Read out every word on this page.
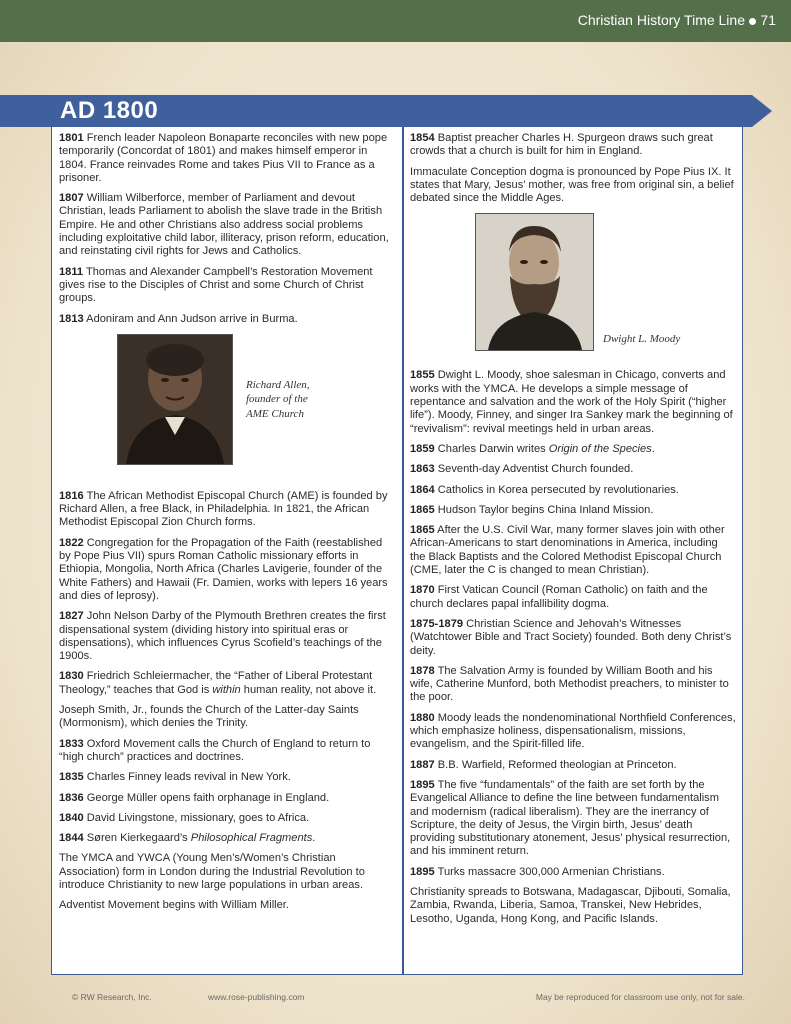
Christian History Time Line 71
AD 1800

1801 French leader Napoleon Bonaparte reconciles with new pope temporarily (Concordat of 1801) and makes himself emperor in 1804. France reinvades Rome and takes Pius VII to France as a prisoner.

1807 William Wilberforce, member of Parliament and devout Christian, leads Parliament to abolish the slave trade in the British Empire. He and other Christians also address social problems including exploitative child labor, illiteracy, prison reform, education, and reinstating civil rights for Jews and Catholics.

1811 Thomas and Alexander Campbell’s Restoration Movement gives rise to the Disciples of Christ and some Church of Christ groups.

1813 Adoniram and Ann Judson arrive in Burma.

Richard Allen,
founder of the
AME Church

1816 The African Methodist Episcopal Church (AME) is founded by Richard Allen, a free Black, in Philadelphia. In 1821, the African Methodist Episcopal Zion Church forms.

1822 Congregation for the Propagation of the Faith (reestablished by Pope Pius VII) spurs Roman Catholic missionary efforts in Ethiopia, Mongolia, North Africa (Charles Lavigerie, founder of the White Fathers) and Hawaii (Fr. Damien, works with lepers 16 years and dies of leprosy).

1827 John Nelson Darby of the Plymouth Brethren creates the first dispensational system (dividing history into spiritual eras or dispensations), which influences Cyrus Scofield’s teachings of the 1900s.

1830 Friedrich Schleiermacher, the “Father of Liberal Protestant Theology,” teaches that God is within human reality, not above it.

Joseph Smith, Jr., founds the Church of the Latter-day Saints (Mormonism), which denies the Trinity.

1833 Oxford Movement calls the Church of England to return to “high church” practices and doctrines.

1835 Charles Finney leads revival in New York.

1836 George Müller opens faith orphanage in England.

1840 David Livingstone, missionary, goes to Africa.

1844 Søren Kierkegaard’s Philosophical Fragments.

The YMCA and YWCA (Young Men’s/Women’s Christian Association) form in London during the Industrial Revolution to introduce Christianity to new large populations in urban areas.

Adventist Movement begins with William Miller.

1854 Baptist preacher Charles H. Spurgeon draws such great crowds that a church is built for him in England.

Immaculate Conception dogma is pronounced by Pope Pius IX. It states that Mary, Jesus’ mother, was free from original sin, a belief debated since the Middle Ages.

Dwight L. Moody

1855 Dwight L. Moody, shoe salesman in Chicago, converts and works with the YMCA. He develops a simple message of repentance and salvation and the work of the Holy Spirit (“higher life”). Moody, Finney, and singer Ira Sankey mark the beginning of “revivalism”: revival meetings held in urban areas.

1859 Charles Darwin writes Origin of the Species.

1863 Seventh-day Adventist Church founded.

1864 Catholics in Korea persecuted by revolutionaries.

1865 Hudson Taylor begins China Inland Mission.

1865 After the U.S. Civil War, many former slaves join with other African-Americans to start denominations in America, including the Black Baptists and the Colored Methodist Episcopal Church (CME, later the C is changed to mean Christian).

1870 First Vatican Council (Roman Catholic) on faith and the church declares papal infallibility dogma.

1875-1879 Christian Science and Jehovah’s Witnesses (Watchtower Bible and Tract Society) founded. Both deny Christ’s deity.

1878 The Salvation Army is founded by William Booth and his wife, Catherine Munford, both Methodist preachers, to minister to the poor.

1880 Moody leads the nondenominational Northfield Conferences, which emphasize holiness, dispensationalism, missions, evangelism, and the Spirit-filled life.

1887 B.B. Warfield, Reformed theologian at Princeton.

1895 The five “fundamentals” of the faith are set forth by the Evangelical Alliance to define the line between fundamentalism and modernism (radical liberalism). They are the inerrancy of Scripture, the deity of Jesus, the Virgin birth, Jesus’ death providing substitutionary atonement, Jesus’ physical resurrection, and his imminent return.

1895 Turks massacre 300,000 Armenian Christians.

Christianity spreads to Botswana, Madagascar, Djibouti, Somalia, Zambia, Rwanda, Liberia, Samoa, Transkei, New Hebrides, Lesotho, Uganda, Hong Kong, and Pacific Islands.

© RW Research, Inc.	www.rose-publishing.com	May be reproduced for classroom use only, not for sale.
